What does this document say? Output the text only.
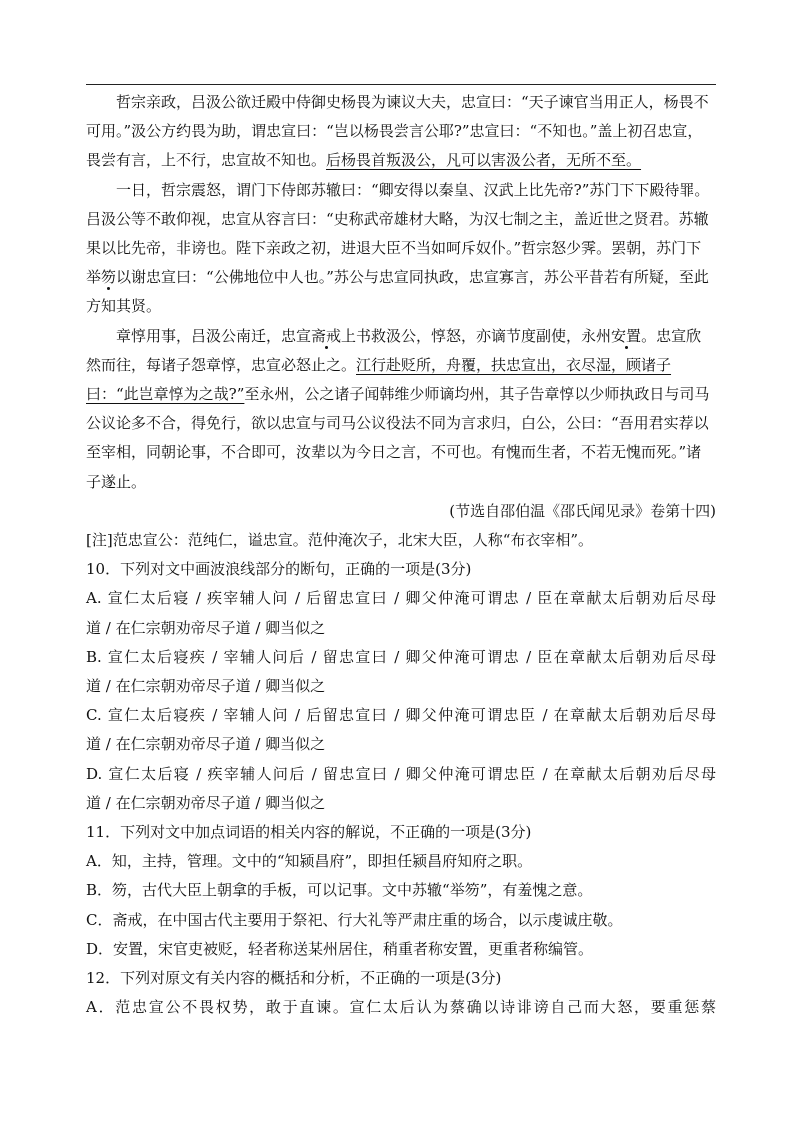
哲宗亲政，吕汲公欲迁殿中侍御史杨畏为谏议大夫，忠宣曰：“天子谏官当用正人，杨畏不可用。”汲公方约畏为助，谓忠宣曰：“岂以杨畏尝言公耶?”忠宣曰：“不知也。”盖上初召忠宣，畏尝有言，上不行，忠宣故不知也。后杨畏首叛汲公，凡可以害汲公者，无所不至。

一日，哲宗震怒，谓门下侍郎苏辙曰：“卿安得以秦皇、汉武上比先帝?”苏门下下殿待罪。吕汲公等不敢仰视，忠宣从容言曰：“史称武帝雄材大略，为汉七制之主，盖近世之贤君。苏辙果以比先帝，非谤也。陛下亲政之初，进退大臣不当如呵斥奴仆。”哲宗怒少霁。罢朝，苏门下举笏以谢忠宣曰：“公佛地位中人也。”苏公与忠宣同执政，忠宣寡言，苏公平昔若有所疑，至此方知其贤。

章惇用事，吕汲公南迁，忠宣斋戒上书救汲公，惇怒，亦谪节度副使，永州安置。忠宣欣然而往，每诸子怨章惇，忠宣必怒止之。江行赴贬所，舟覆，扶忠宣出，衣尽湿，顾诸子曰：“此岂章惇为之哉?”至永州，公之诸子闻韩维少师谪均州，其子告章惇以少师执政日与司马公议论多不合，得免行，欲以忠宣与司马公议役法不同为言求归，白公，公曰：“吾用君实荐以至宰相，同朝论事，不合即可，汝辈以为今日之言，不可也。有愧而生者，不若无愧而死。”诸子遂止。

(节选自邵伯温《邵氏闻见录》卷第十四)

[注]范忠宣公：范纯仁，谥忠宣。范仲淹次子，北宋大臣，人称“布衣宰相”。

10．下列对文中画波浪线部分的断句，正确的一项是(3分)

A. 宣仁太后寝 / 疾宰辅人问 / 后留忠宣曰 / 卿父仲淹可谓忠 / 臣在章献太后朝劝后尽母

道 / 在仁宗朝劝帝尽子道 / 卿当似之

B. 宣仁太后寝疾 / 宰辅人问后 / 留忠宣曰 / 卿父仲淹可谓忠 / 臣在章献太后朝劝后尽母

道 / 在仁宗朝劝帝尽子道 / 卿当似之

C. 宣仁太后寝疾 / 宰辅人问 / 后留忠宣曰 / 卿父仲淹可谓忠臣 / 在章献太后朝劝后尽母

道 / 在仁宗朝劝帝尽子道 / 卿当似之

D. 宣仁太后寝 / 疾宰辅人问后 / 留忠宣曰 / 卿父仲淹可谓忠臣 / 在章献太后朝劝后尽母

道 / 在仁宗朝劝帝尽子道 / 卿当似之

11．下列对文中加点词语的相关内容的解说，不正确的一项是(3分)

A．知，主持，管理。文中的“知颍昌府”，即担任颍昌府知府之职。

B．笏，古代大臣上朝拿的手板，可以记事。文中苏辙“举笏”，有羞愧之意。

C．斋戒，在中国古代主要用于祭祀、行大礼等严肃庄重的场合，以示虔诚庄敬。

D．安置，宋官吏被贬，轻者称送某州居住，稍重者称安置，更重者称编管。

12．下列对原文有关内容的概括和分析，不正确的一项是(3分)

A．范忠宣公不畏权势，敢于直谏。宣仁太后认为蔡确以诗诽谤自己而大怒，要重惩蔡
